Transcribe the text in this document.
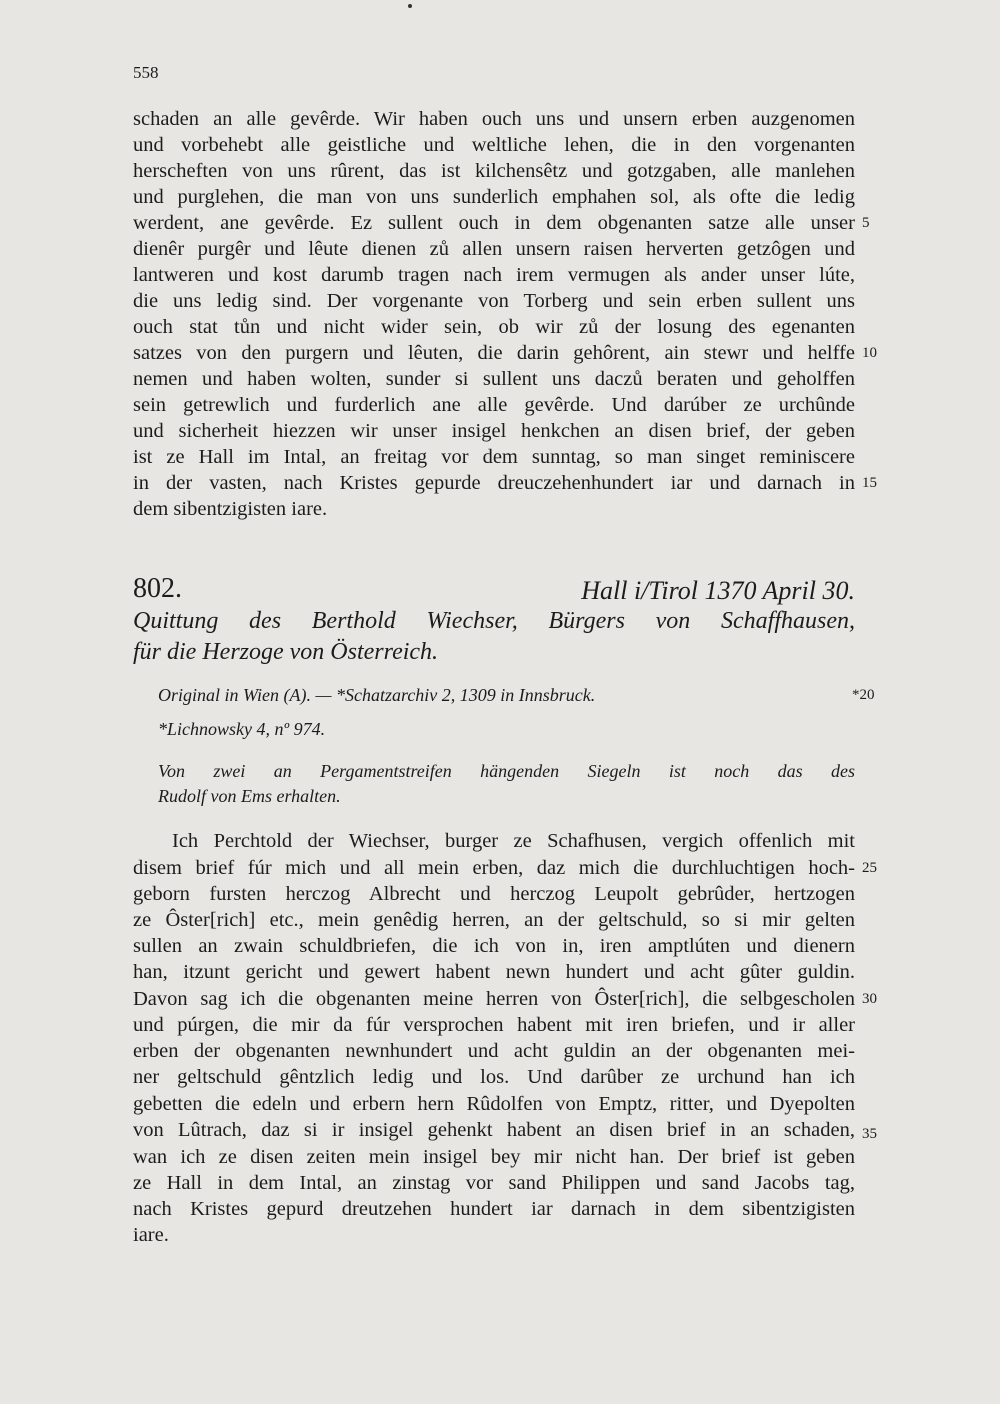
558
schaden an alle gevêrde. Wir haben ouch uns und unsern erben auzgenomen
und vorbehebt alle geistliche und weltliche lehen, die in den vorgenanten
herscheften von uns rûrent, das ist kilchensêtz und gotzgaben, alle manlehen
und purglehen, die man von uns sunderlich emphahen sol, als ofte die ledig
werdent, ane gevêrde. Ez sullent ouch in dem obgenanten satze alle unser 5
dienêr purgêr und lêute dienen zů allen unsern raisen herverten getzôgen und
lantweren und kost darumb tragen nach irem vermugen als ander unser lúte,
die uns ledig sind. Der vorgenante von Torberg und sein erben sullent uns
ouch stat tůn und nicht wider sein, ob wir zů der losung des egenanten
satzes von den purgern und lêuten, die darin gehôrent, ain stewr und helffe 10
nemen und haben wolten, sunder si sullent uns daczů beraten und geholffen
sein getrewlich und furderlich ane alle gevêrde. Und darúber ze urchûnde
und sicherheit hiezzen wir unser insigel henkchen an disen brief, der geben
ist ze Hall im Intal, an freitag vor dem sunntag, so man singet reminiscere
in der vasten, nach Kristes gepurde dreuczehenhundert iar und darnach in 15
dem sibentzigisten iare.
802.	Hall i/Tirol 1370 April 30.
Quittung des Berthold Wiechser, Bürgers von Schaffhausen,
für die Herzoge von Österreich.
Original in Wien (A). — *Schatzarchiv 2, 1309 in Innsbruck.	*20
*Lichnowsky 4, nº 974.
Von zwei an Pergamentstreifen hängenden Siegeln ist noch das des
Rudolf von Ems erhalten.
Ich Perchtold der Wiechser, burger ze Schafhusen, vergich offenlich mit
disem brief fúr mich und all mein erben, daz mich die durchluchtigen hoch- 25
geborn fursten herczog Albrecht und herczog Leupolt gebrûder, hertzogen
ze Ôster[rich] etc., mein genêdig herren, an der geltschuld, so si mir gelten
sullen an zwain schuldbriefen, die ich von in, iren amptlúten und dienern
han, itzunt gericht und gewert habent newn hundert und acht gûter guldin.
Davon sag ich die obgenanten meine herren von Ôster[rich], die selbgescholen 30
und púrgen, die mir da fúr versprochen habent mit iren briefen, und ir aller
erben der obgenanten newnhundert und acht guldin an der obgenanten mei-
ner geltschuld gêntzlich ledig und los. Und darûber ze urchund han ich
gebetten die edeln und erbern hern Rûdolfen von Emptz, ritter, und Dyepolten
von Lûtrach, daz si ir insigel gehenkt habent an disen brief in an schaden, 35
wan ich ze disen zeiten mein insigel bey mir nicht han. Der brief ist geben
ze Hall in dem Intal, an zinstag vor sand Philippen und sand Jacobs tag,
nach Kristes gepurd dreutzehen hundert iar darnach in dem sibentzigisten
iare.
